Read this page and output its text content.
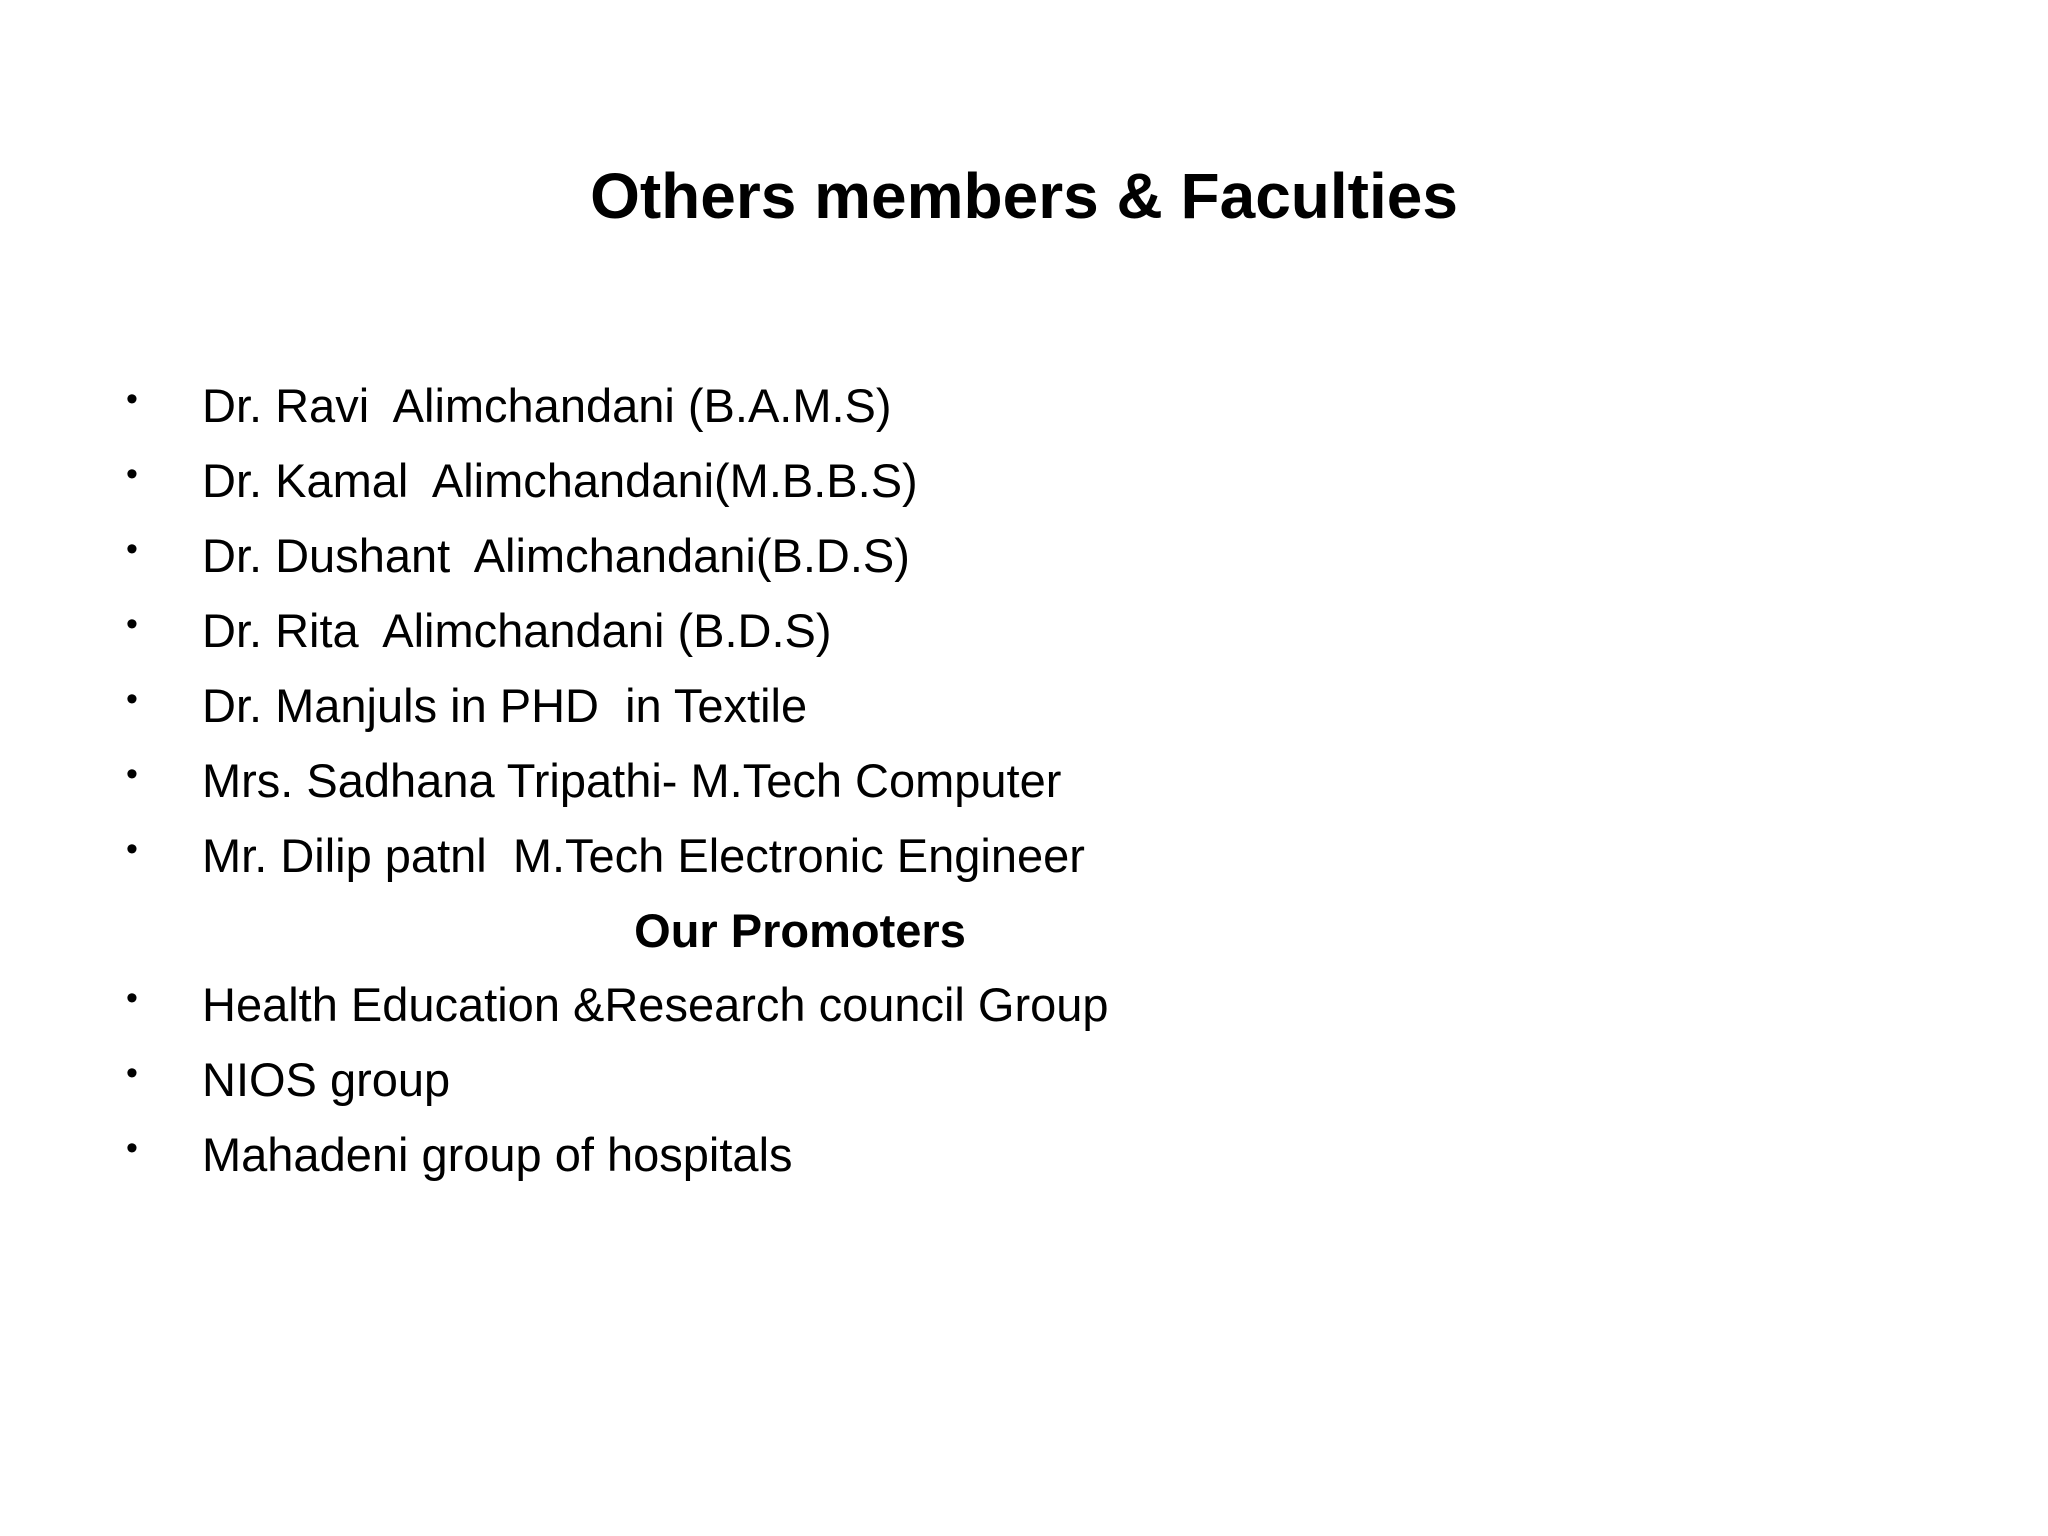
Others members & Faculties
• Dr. Ravi  Alimchandani (B.A.M.S)
• Dr. Kamal  Alimchandani(M.B.B.S)
• Dr. Dushant  Alimchandani(B.D.S)
• Dr. Rita  Alimchandani (B.D.S)
• Dr. Manjuls in PHD  in Textile
• Mrs. Sadhana Tripathi- M.Tech Computer
• Mr. Dilip patnl  M.Tech Electronic Engineer
Our Promoters
• Health Education &Research council Group
• NIOS group
• Mahadeni group of hospitals
